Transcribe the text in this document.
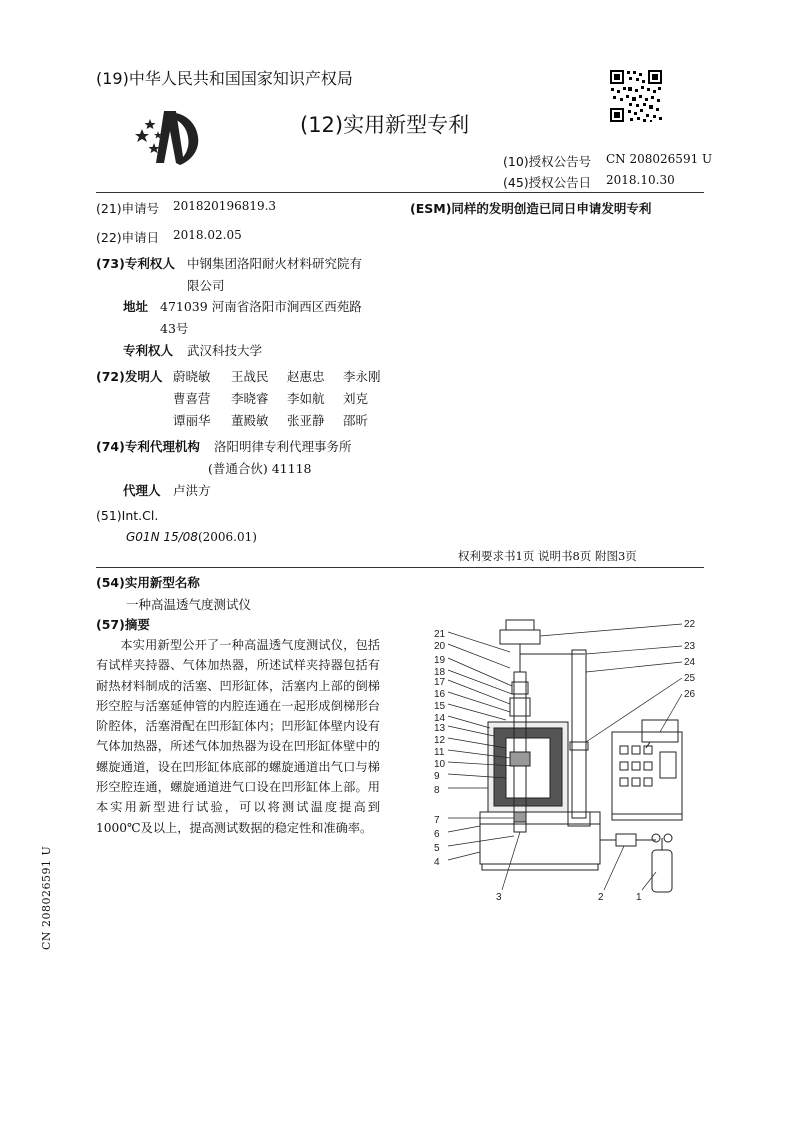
(19)中华人民共和国国家知识产权局
(12)实用新型专利
(10)授权公告号 CN 208026591 U
(45)授权公告日 2018.10.30
(21)申请号 201820196819.3	(ESM)同样的发明创造已同日申请发明专利
(22)申请日 2018.02.05
(73)专利权人 中钢集团洛阳耐火材料研究院有
限公司
地址 471039 河南省洛阳市涧西区西苑路
43号
专利权人 武汉科技大学
(72)发明人 蔚晓敏 王战民 赵惠忠 李永刚
曹喜营 李晓睿 李如航 刘克
谭丽华 董殿敏 张亚静 邵昕
(74)专利代理机构 洛阳明律专利代理事务所
(普通合伙) 41118
代理人 卢洪方
(51)Int.Cl.
G01N 15/08(2006.01)
权利要求书1页 说明书8页 附图3页
(54)实用新型名称
一种高温透气度测试仪
(57)摘要
本实用新型公开了一种高温透气度测试仪，包括有试样夹持器、气体加热器，所述试样夹持器包括有耐热材料制成的活塞、凹形缸体，活塞内上部的倒梯形空腔与活塞延伸管的内腔连通在一起形成倒梯形台阶腔体，活塞滑配在凹形缸体内；凹形缸体壁内设有气体加热器，所述气体加热器为设在凹形缸体壁中的螺旋通道，设在凹形缸体底部的螺旋通道出气口与梯形空腔连通，螺旋通道进气口设在凹形缸体上部。用本实用新型进行试验，可以将测试温度提高到1000℃及以上，提高测试数据的稳定性和准确率。
21
20
19
18
17
16
15
14
13
12
11
10
9
8
7
6
5
4
22
23
24
25
26
3	2	1
CN 208026591 U
